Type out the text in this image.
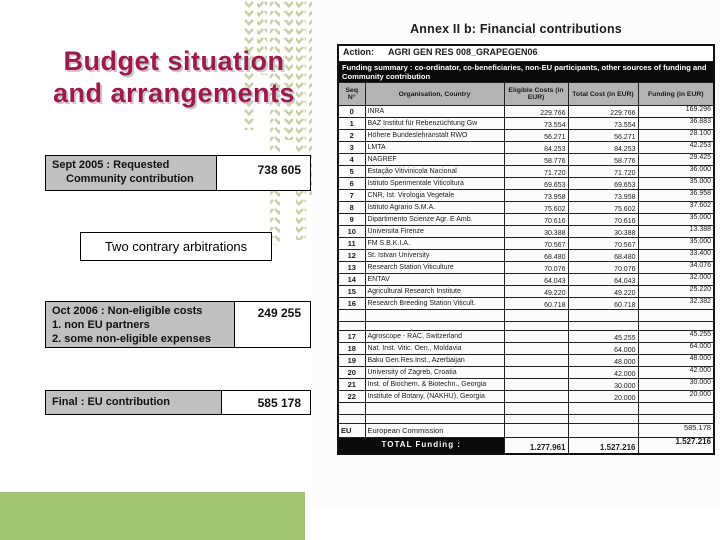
Budget situation
and arrangements
Sept 2005 : Requested
Community contribution
738 605
Two contrary arbitrations
Oct 2006 : Non-eligible costs
1. non EU partners
2. some non-eligible expenses
249 255
Final : EU contribution	585 178
Annex II b: Financial contributions
Action: AGRI GEN RES 008_GRAPEGEN06				
Funding summary : co-ordinator, co-beneficiaries, non-EU participants, other sources of funding and Community contribution				
Seq N°	Organisation, Country	Eligible Costs (in EUR)	Total Cost (in EUR)	Funding (in EUR)
0	INRA	229.766	229.766	169.296
1	BAZ Institut für Rebenzüchtung Gw	73.554	73.554	36.883
2	Höhere Bundeslehranstalt RWO	56.271	56.271	28.100
3	LMTA	84.253	84.253	42.253
4	NAGREF	58.776	58.776	29.425
5	Estação Vitivinicola Nacional	71.720	71.720	36.000
6	Istituto Sperimentale Viticoltura	69.653	69.653	35.000
7	CNR, Ist. Virologia Vegetale	73.958	73.958	36.958
8	Istituto Agrario S.M.A.	75.602	75.602	37.602
9	Dipartimento Scienze Agr. E Amb.	70.616	70.616	35.000
10	Universita Firenze	30.388	30.388	13.388
11	FM S.B.K.I.A.	70.567	70.567	35.000
12	St. Istvan University	68.480	68.480	33.400
13	Research Station Viticulture	70.076	70.076	34.076
14	ENTAV	64.043	64.043	32.000
15	Agricultural Research Institute	49.220	49.220	25.220
16	Research Breeding Station Viticult.	60.718	60.718	32.382

17	Agroscope - RAC, Switzerland		45.255	45.255
18	Nat. Inst. Vitic. Oen., Moldavia		64.000	64.000
19	Baku Gen.Res.Inst., Azerbaijan		48.000	48.000
20	University of Zagreb, Croatia		42.000	42.000
21	Inst. of Biochem. & Biotechn., Georgia		30.000	30.000
22	Institute of Botany, (NAKHU), Georgia		20.000	20.000

EU	European Commission			585.178
TOTAL Funding :		1.277.961	1.527.216	1.527.216
